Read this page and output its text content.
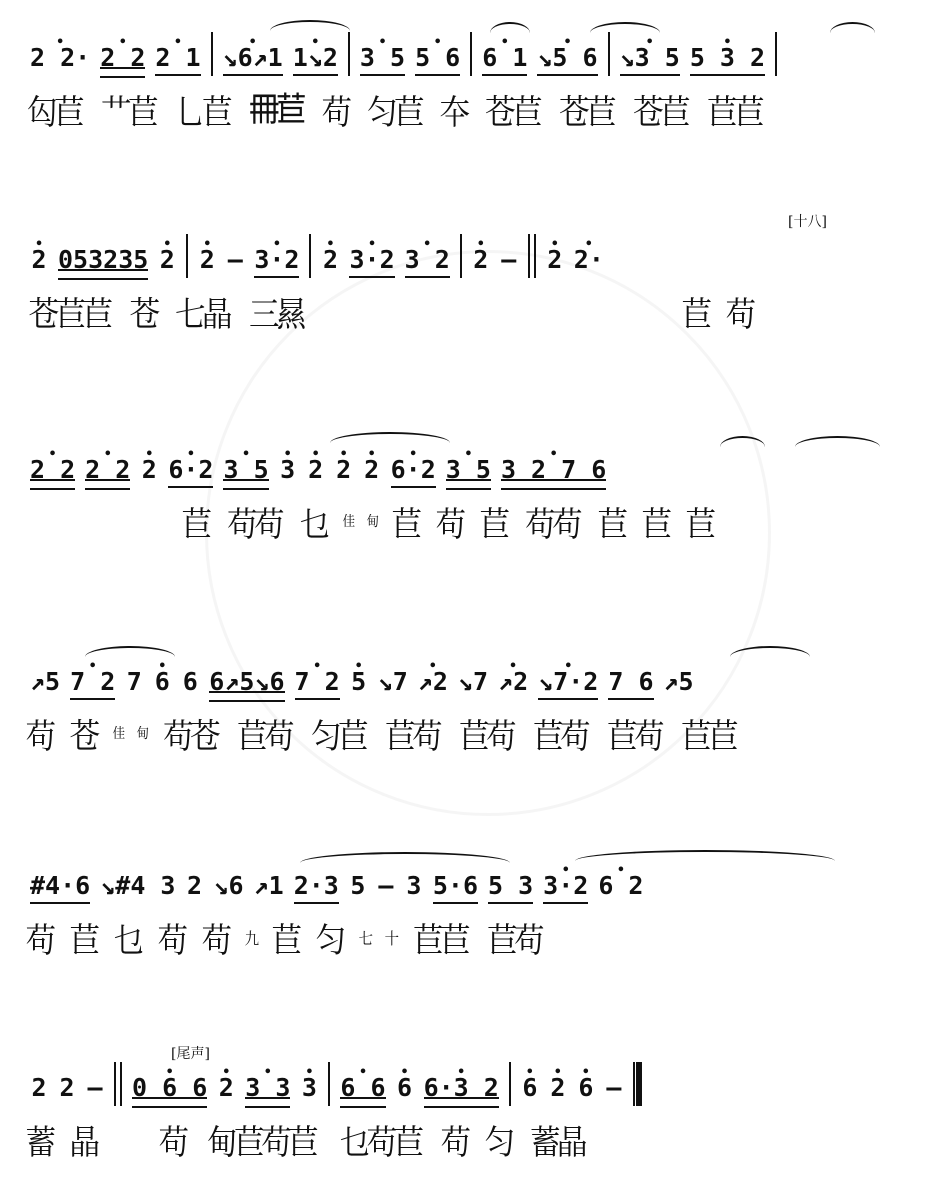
• 2 2· • 2 2 • 2 1 • ↘6↗1 • 1↘2 • 3 5 • 5 6 • 6 1 • ↘5 6 • ↘3 5 • 5 3 2
匃苣 艹苣 乚苣 𠕋苣 苟 匀苣 夲 苍苣 苍苣 苍苣 苣苣
• 2 053235 • 2 • 2 — • 3·2 • 2 • 3·2 • 3 2 • 2 — • 2 • 2·
[十八]
苍苣苣 苍 七晶 三㬎	苣 苟
• 2 2 • 2 2 • 2 • 6·2 • 3 5 • 3 • 2 • 2 • 2 • 6·2 • 3 5 • 3 2 7 6
苣 苟苟 乜 佳 甸 苣 苟 苣 苟苟 苣 苣 苣
↗5 • 7 2 7 • 6 6 6↗5↘6 • 7 2 • 5 ↘7 • ↗2 ↘7 • ↗2 • ↘7·2 7 6 ↗5
苟 苍 佳 甸 苟苍 苣苟 匀苣 苣苟 苣苟 苣苟 苣苟 苣苣
#4·6 ↘#4 3 2 ↘6 ↗1 2·3 5 — 3 5·6 5 3 • 3·2 • 6 2
苟 苣 乜 苟 苟 九 苣 匀 七 十 苣苣 苣苟
2 2 — • 0 6 6 • 2 • 3 3 • 3 • 6 6 • 6 • 6·3 2 • 6 • 2 • 6 —
[尾声]
蓄 晶 苟 甸苣苟苣 乜苟苣 苟 匀 蓄晶
